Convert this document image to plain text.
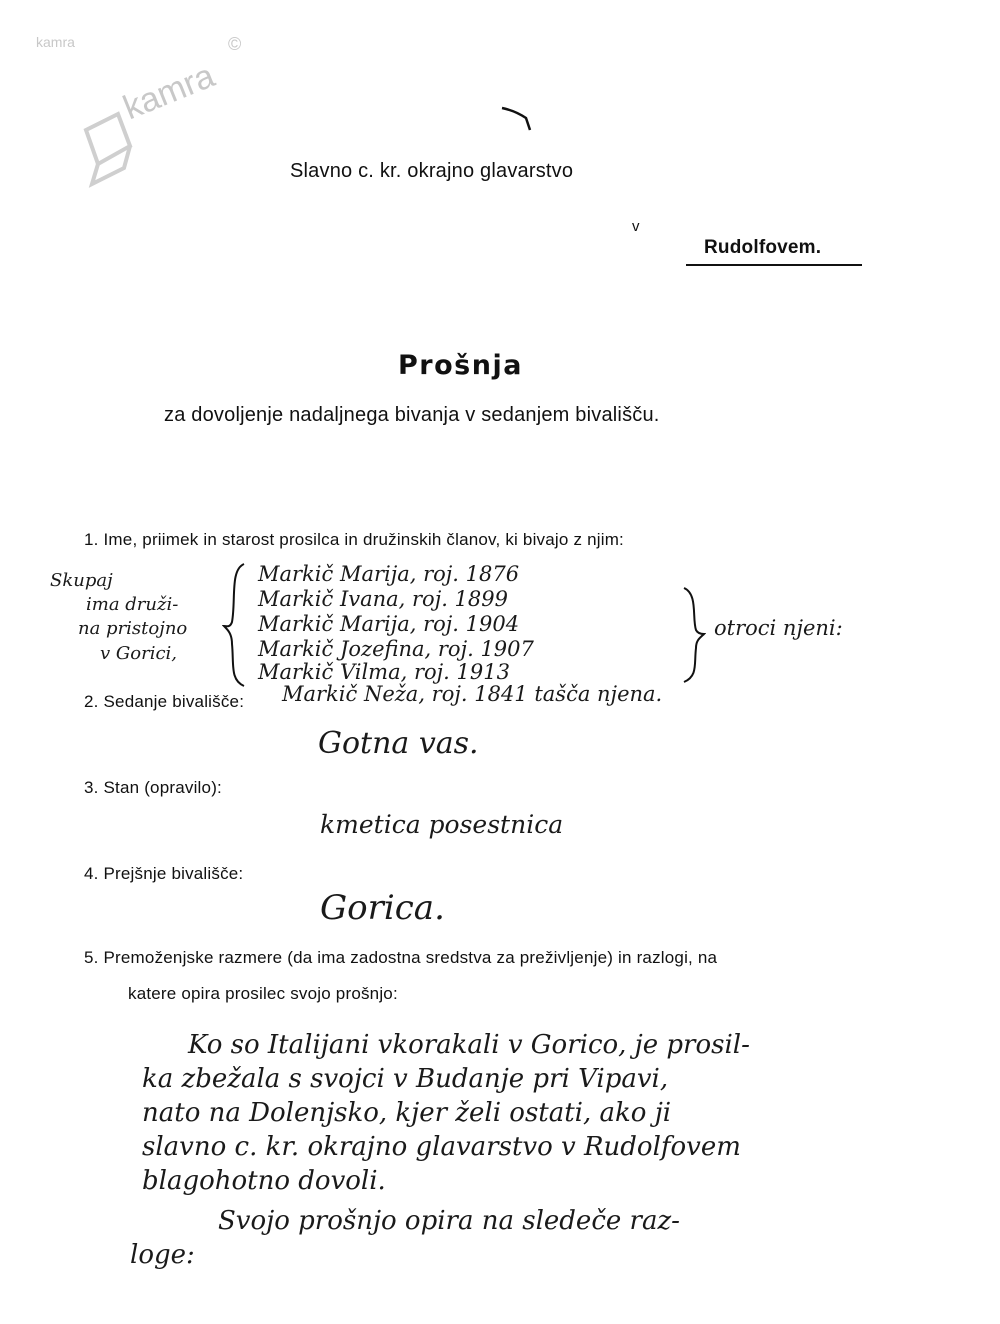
kamra	©
kamra
Slavno c. kr. okrajno glavarstvo
v
Rudolfovem.
Prošnja
za dovoljenje nadaljnega bivanja v sedanjem bivališču.
1. Ime, priimek in starost prosilca in družinskih članov, ki bivajo z njim:
Skupaj
ima druži-
na pristojno
v Gorici,
Markič Marija, roj. 1876
Markič Ivana, roj. 1899
Markič Marija, roj. 1904
Markič Jozefina, roj. 1907
Markič Vilma, roj. 1913
otroci njeni:
Markič Neža, roj. 1841 tašča njena.
2. Sedanje bivališče:
Gotna vas.
3. Stan (opravilo):
kmetica posestnica
4. Prejšnje bivališče:
Gorica.
5. Premoženjske razmere (da ima zadostna sredstva za preživljenje) in razlogi, na
katere opira prosilec svojo prošnjo:
Ko so Italijani vkorakali v Gorico, je prosil-
ka zbežala s svojci v Budanje pri Vipavi,
nato na Dolenjsko, kjer želi ostati, ako ji
slavno c. kr. okrajno glavarstvo v Rudolfovem
blagohotno dovoli.
Svojo prošnjo opira na sledeče raz-
loge:
